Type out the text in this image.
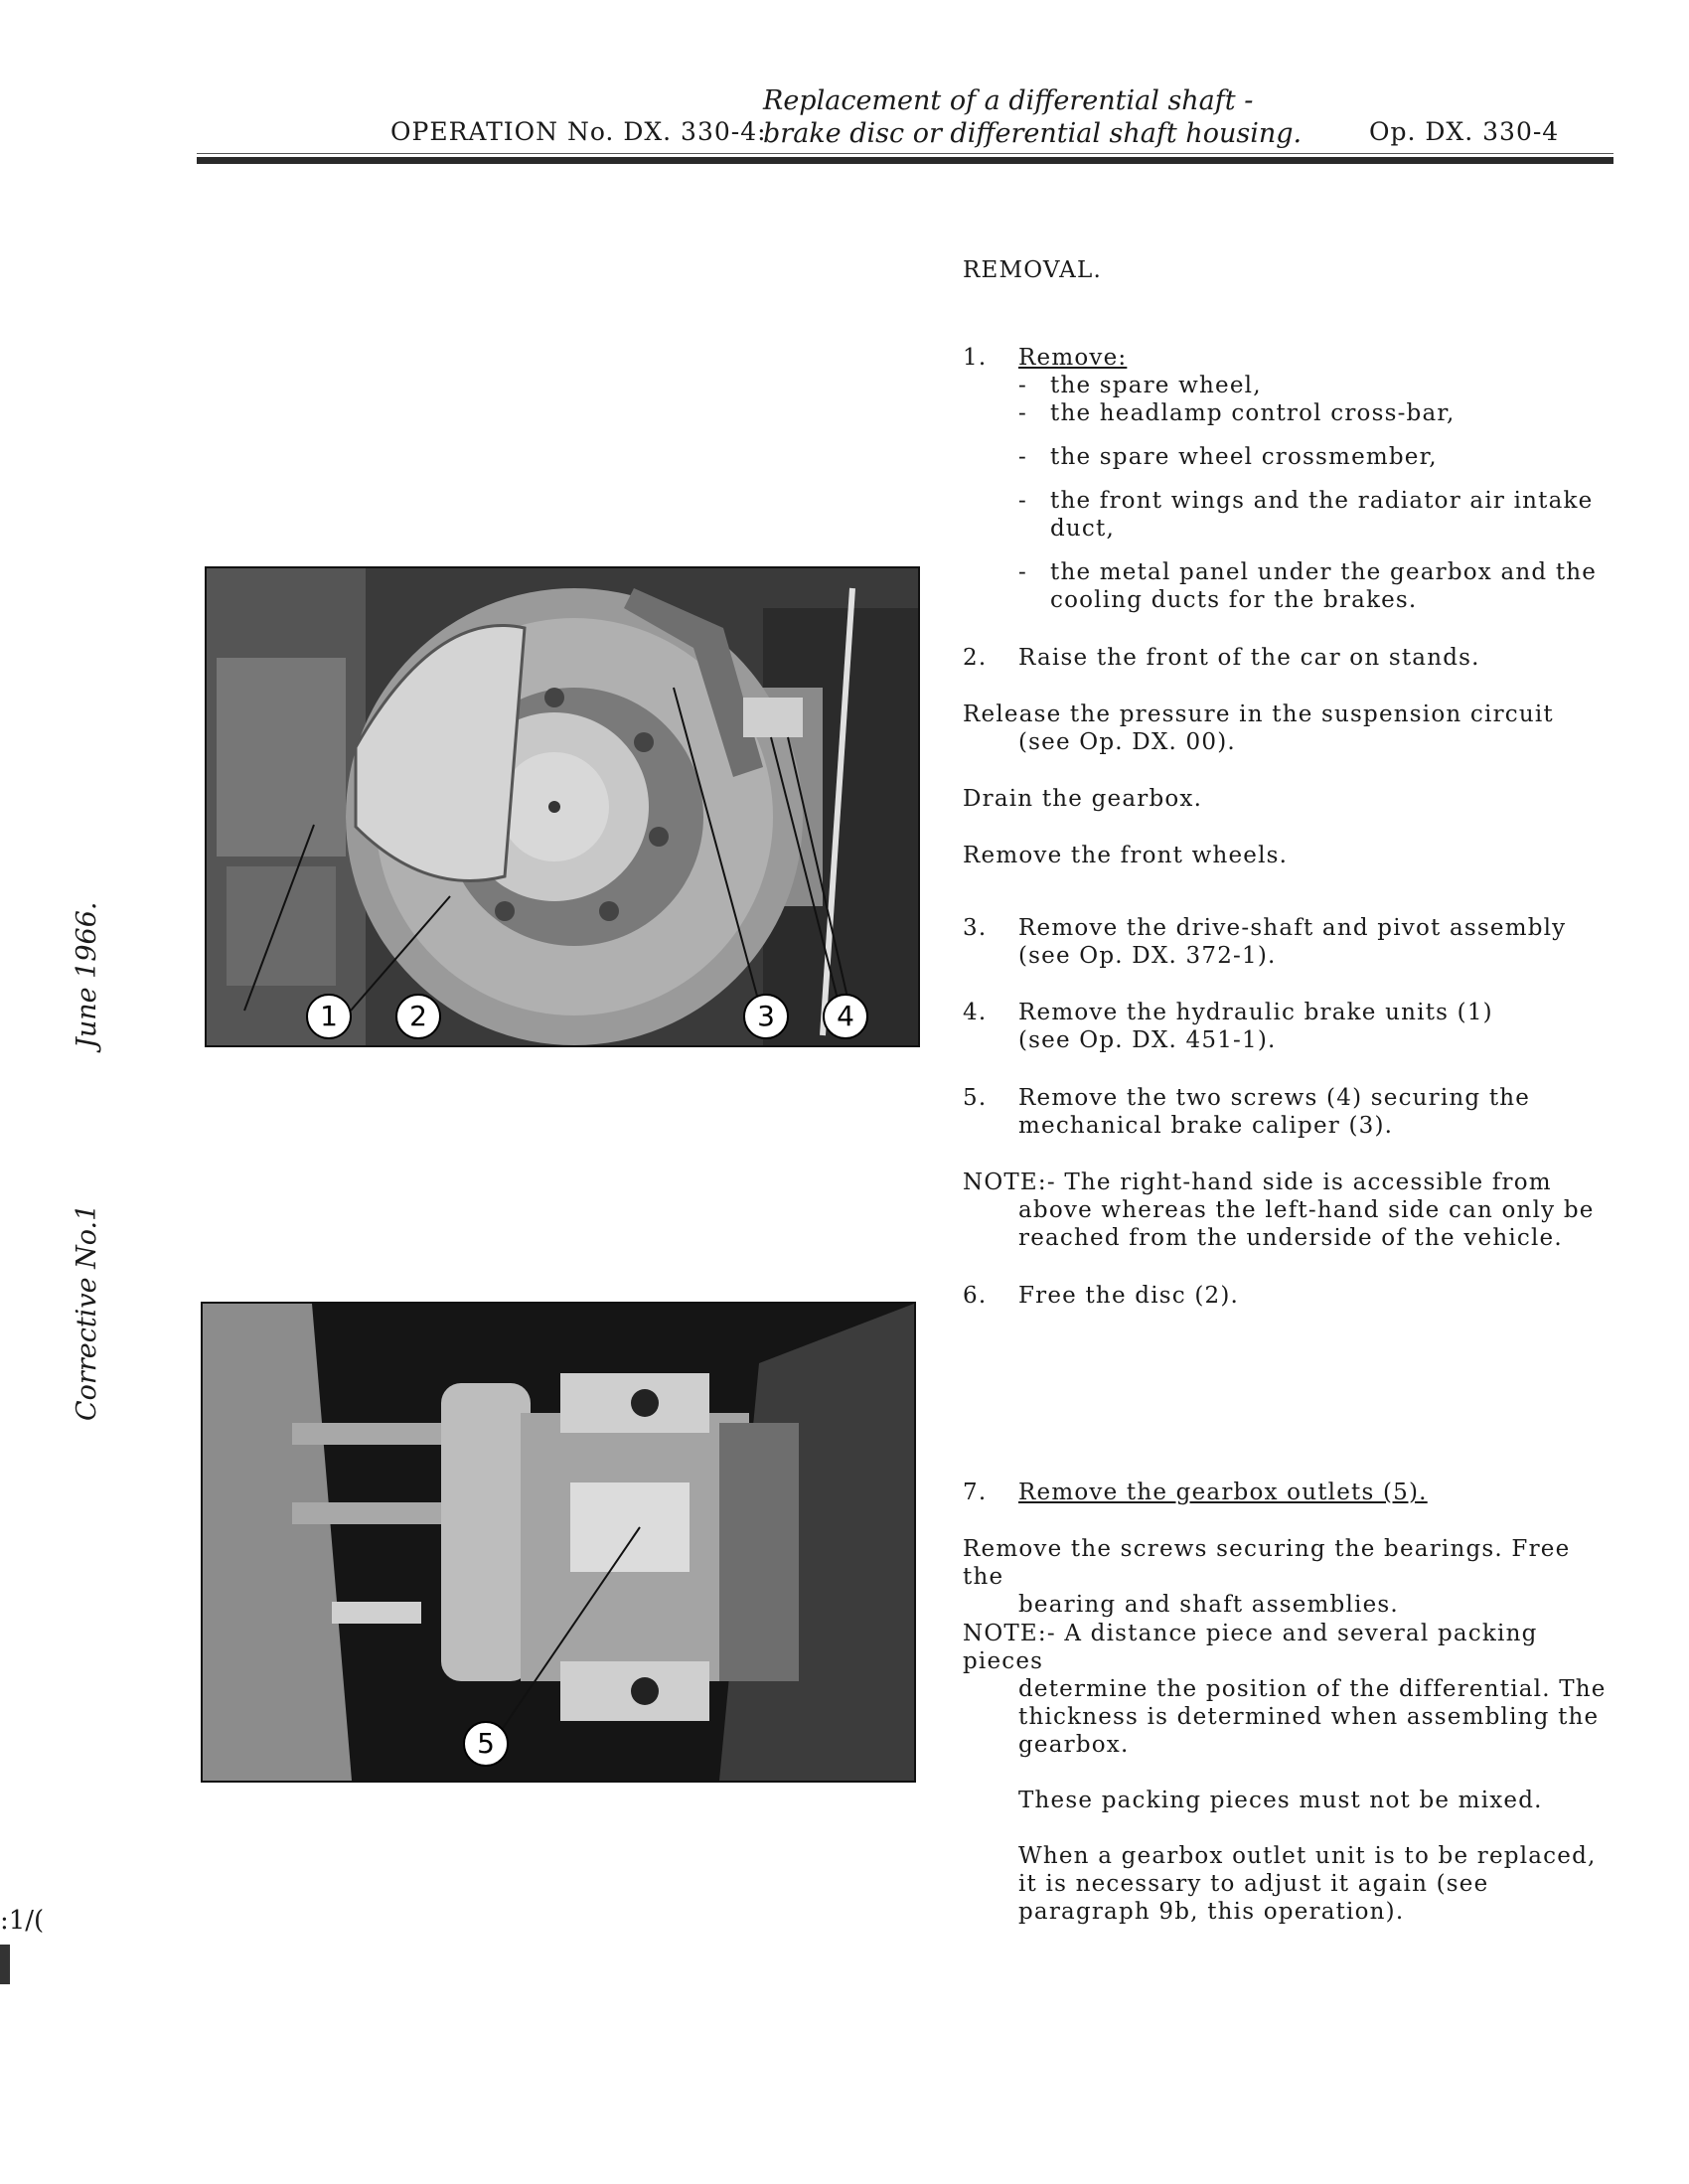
OPERATION No. DX. 330-4:
Replacement of a differential shaft -
brake disc or differential shaft housing.	Op. DX. 330-4
June 1966.
Corrective No.1
:1/(
1	2	3	4
5
REMOVAL.
1. Remove:
- the spare wheel,
- the headlamp control cross-bar,
- the spare wheel crossmember,
- the front wings and the radiator air intake duct,
- the metal panel under the gearbox and the cooling ducts for the brakes.
2. Raise the front of the car on stands.
Release the pressure in the suspension circuit
(see Op. DX. 00).
Drain the gearbox.
Remove the front wheels.
3. Remove the drive-shaft and pivot assembly
(see Op. DX. 372-1).
4. Remove the hydraulic brake units (1)
(see Op. DX. 451-1).
5. Remove the two screws (4) securing the
mechanical brake caliper (3).
NOTE:- The right-hand side is accessible from
above whereas the left-hand side can only be
reached from the underside of the vehicle.
6. Free the disc (2).
7. Remove the gearbox outlets (5).
Remove the screws securing the bearings. Free the
bearing and shaft assemblies.
NOTE:- A distance piece and several packing pieces
determine the position of the differential. The
thickness is determined when assembling the
gearbox.
These packing pieces must not be mixed.
When a gearbox outlet unit is to be replaced,
it is necessary to adjust it again (see
paragraph 9b, this operation).
